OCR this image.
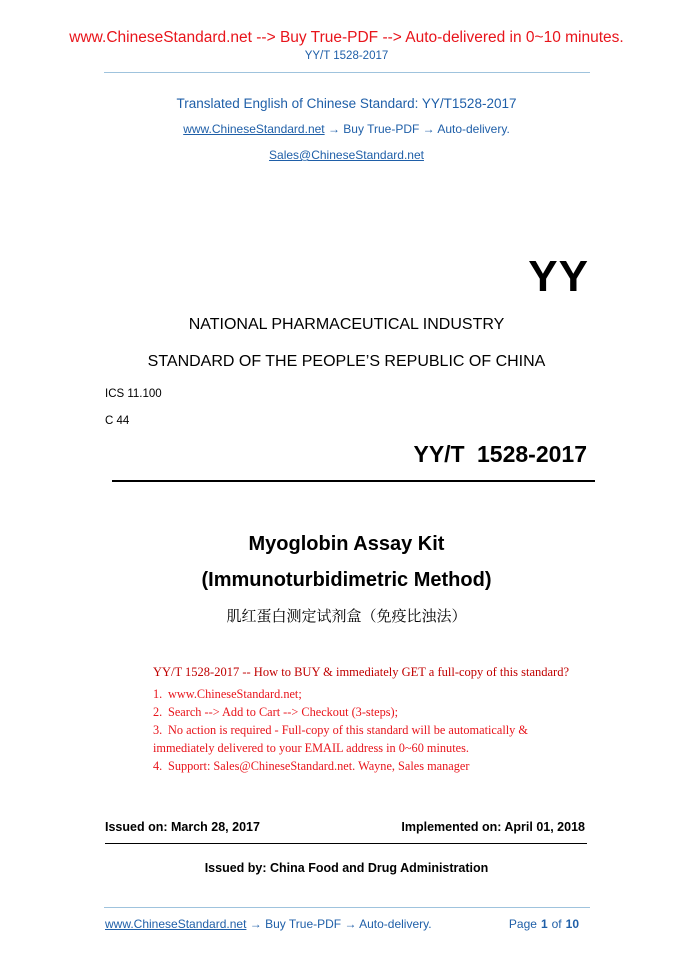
www.ChineseStandard.net --> Buy True-PDF --> Auto-delivered in 0~10 minutes.
YY/T 1528-2017
Translated English of Chinese Standard: YY/T1528-2017
www.ChineseStandard.net → Buy True-PDF → Auto-delivery.
Sales@ChineseStandard.net
YY
NATIONAL PHARMACEUTICAL INDUSTRY
STANDARD OF THE PEOPLE’S REPUBLIC OF CHINA
ICS 11.100
C 44
YY/T 1528-2017
Myoglobin Assay Kit
(Immunoturbidimetric Method)
肌红蛋白测定试剂盒（免疫比浊法）
YY/T 1528-2017 -- How to BUY & immediately GET a full-copy of this standard?
1. www.ChineseStandard.net;
2. Search --> Add to Cart --> Checkout (3-steps);
3. No action is required - Full-copy of this standard will be automatically &
immediately delivered to your EMAIL address in 0~60 minutes.
4. Support: Sales@ChineseStandard.net. Wayne, Sales manager
Issued on: March 28, 2017	Implemented on: April 01, 2018
Issued by: China Food and Drug Administration
www.ChineseStandard.net → Buy True-PDF → Auto-delivery.	Page 1 of 10
